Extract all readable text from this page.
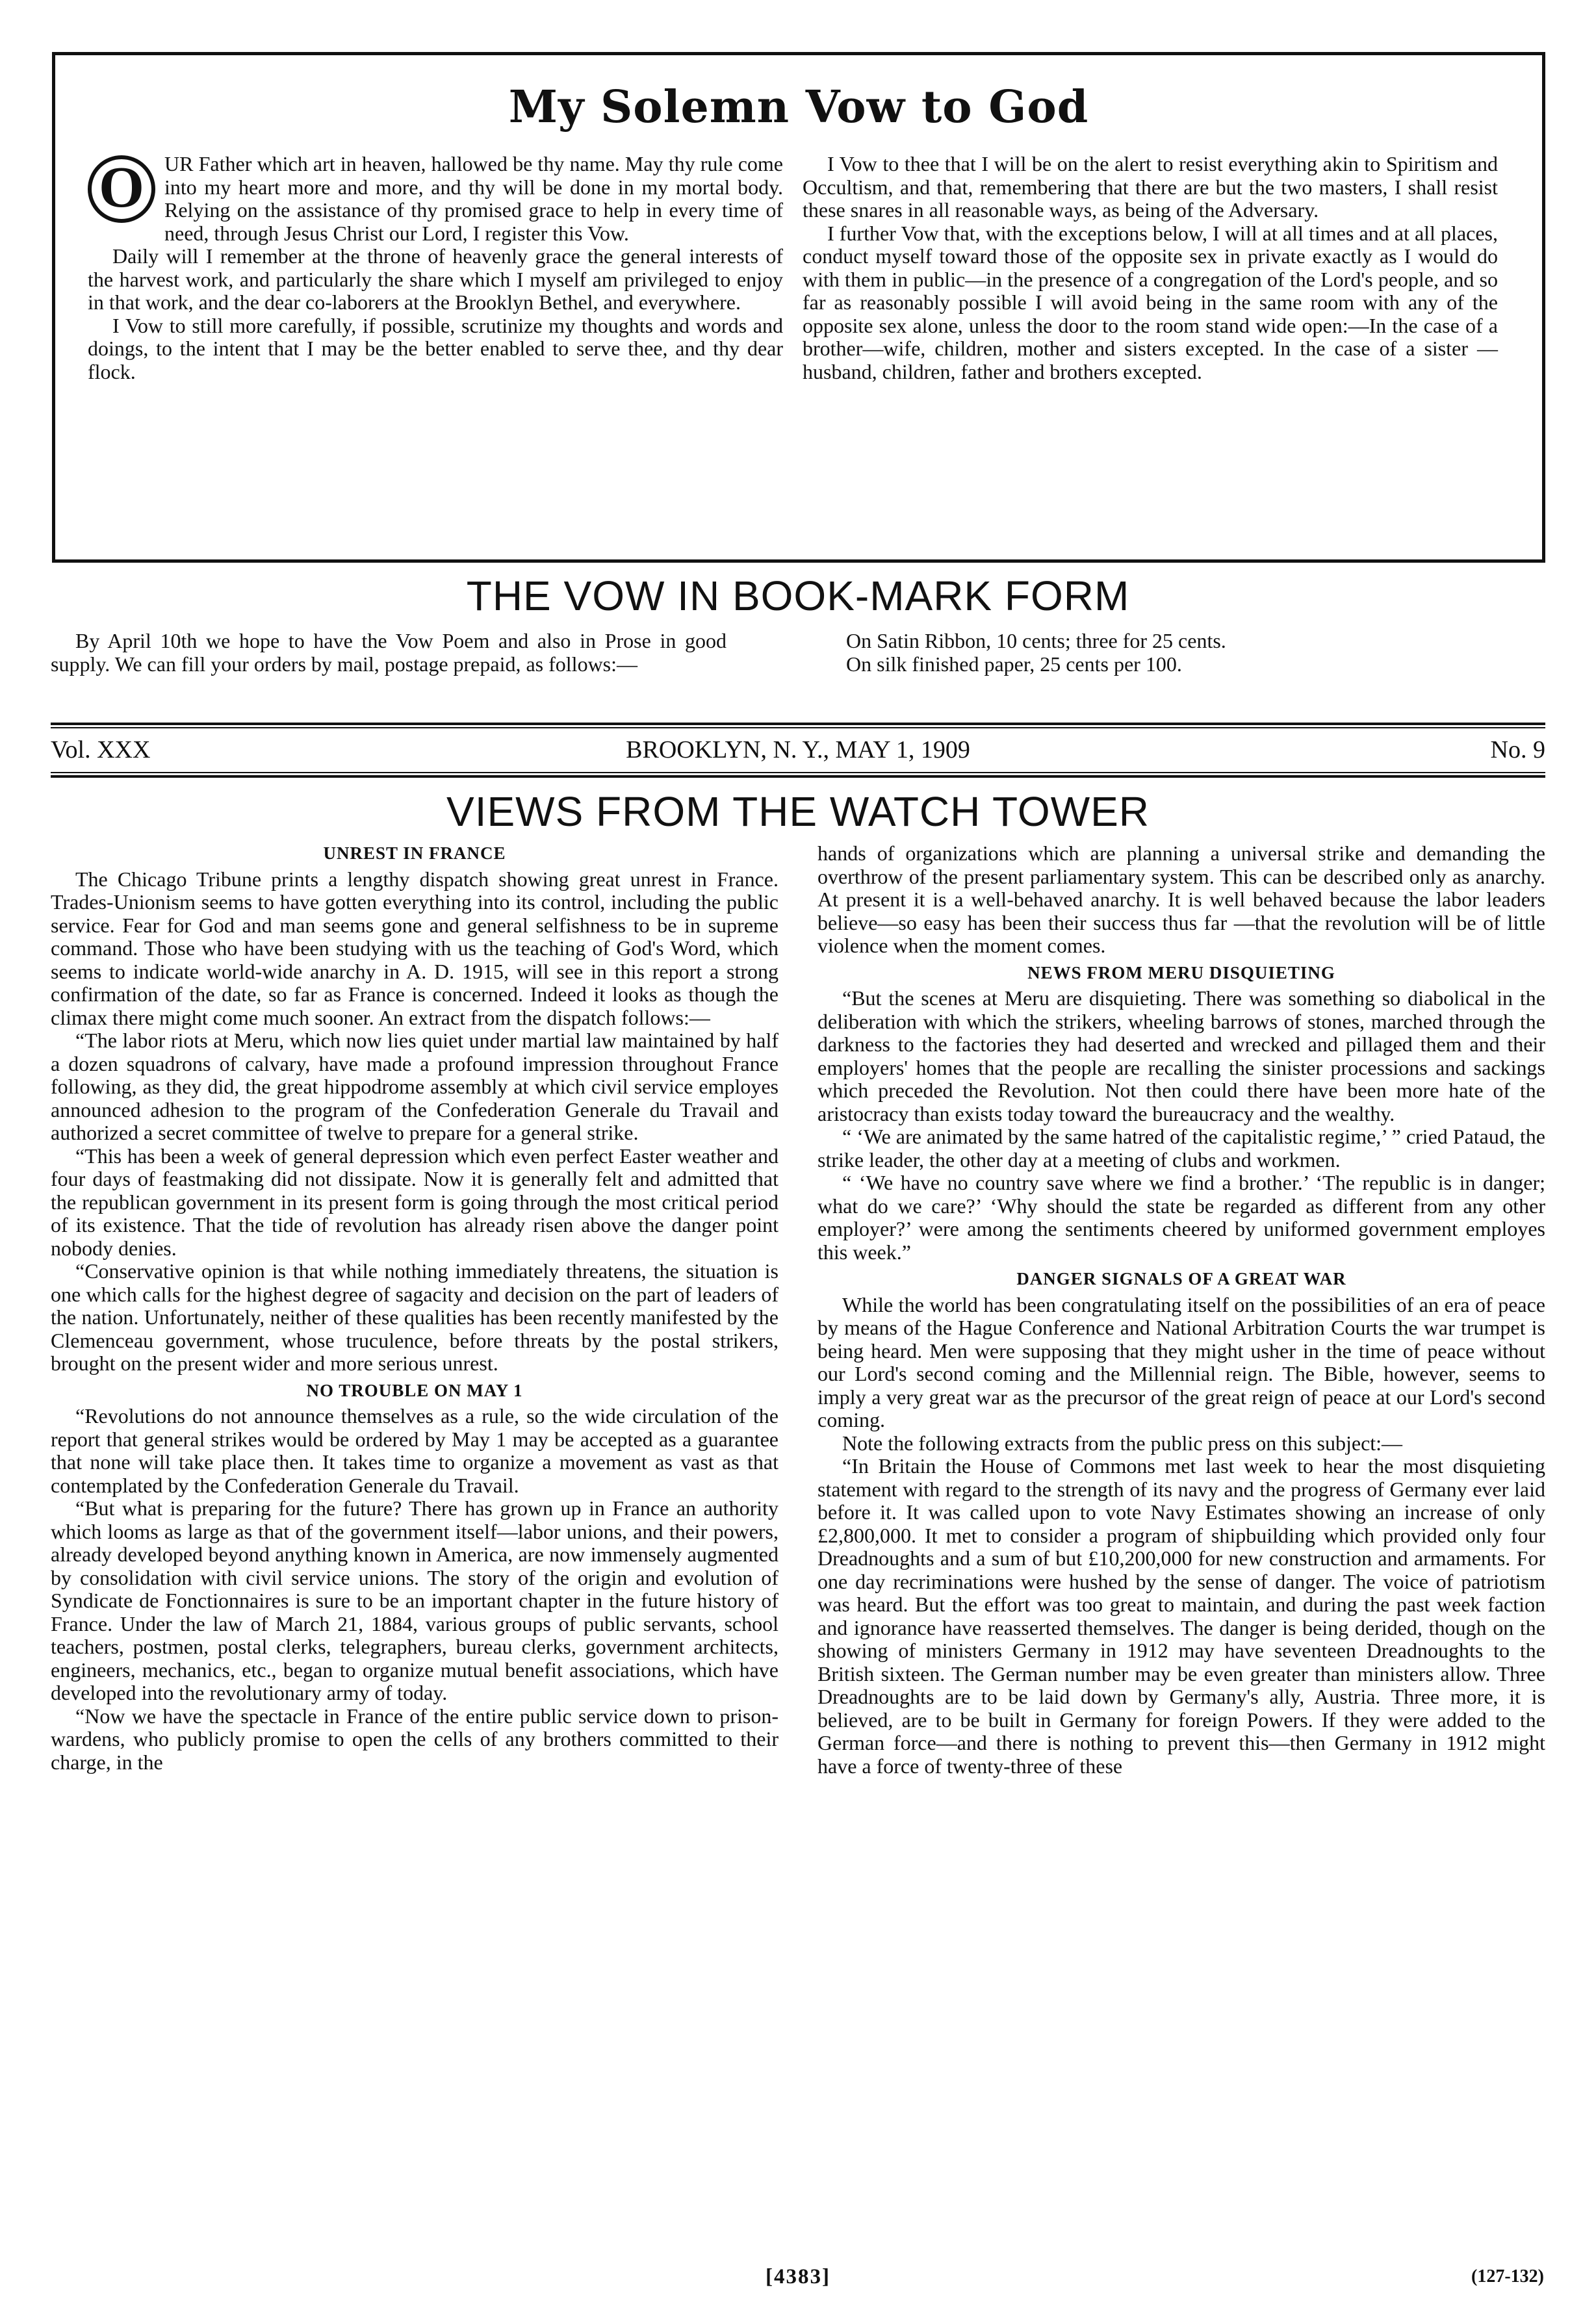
My Solemn Vow to God

O UR Father which art in heaven, hallowed be thy name. May thy rule come into my heart more and more, and thy will be done in my mortal body. Relying on the assistance of thy promised grace to help in every time of need, through Jesus Christ our Lord, I register this Vow.

Daily will I remember at the throne of heavenly grace the general interests of the harvest work, and particularly the share which I myself am privileged to enjoy in that work, and the dear co-laborers at the Brooklyn Bethel, and everywhere.

I Vow to still more carefully, if possible, scrutinize my thoughts and words and doings, to the intent that I may be the better enabled to serve thee, and thy dear flock.

I Vow to thee that I will be on the alert to resist everything akin to Spiritism and Occultism, and that, remembering that there are but the two masters, I shall resist these snares in all reasonable ways, as being of the Adversary.

I further Vow that, with the exceptions below, I will at all times and at all places, conduct myself toward those of the opposite sex in private exactly as I would do with them in public—in the presence of a congregation of the Lord's people, and so far as reasonably possible I will avoid being in the same room with any of the opposite sex alone, unless the door to the room stand wide open:—In the case of a brother—wife, children, mother and sisters excepted. In the case of a sister —husband, children, father and brothers excepted.

THE VOW IN BOOK-MARK FORM

By April 10th we hope to have the Vow Poem and also in Prose in good supply. We can fill your orders by mail, postage prepaid, as follows:—

On Satin Ribbon, 10 cents; three for 25 cents.

On silk finished paper, 25 cents per 100.

Vol. XXX	BROOKLYN, N. Y., MAY 1, 1909	No. 9
VIEWS FROM THE WATCH TOWER
UNREST IN FRANCE

The Chicago Tribune prints a lengthy dispatch showing great unrest in France. Trades-Unionism seems to have gotten everything into its control, including the public service. Fear for God and man seems gone and general selfishness to be in supreme command. Those who have been studying with us the teaching of God's Word, which seems to indicate world-wide anarchy in A. D. 1915, will see in this report a strong confirmation of the date, so far as France is concerned. Indeed it looks as though the climax there might come much sooner. An extract from the dispatch follows:—

“The labor riots at Meru, which now lies quiet under martial law maintained by half a dozen squadrons of calvary, have made a profound impression throughout France following, as they did, the great hippodrome assembly at which civil service employes announced adhesion to the program of the Confederation Generale du Travail and authorized a secret committee of twelve to prepare for a general strike.

“This has been a week of general depression which even perfect Easter weather and four days of feastmaking did not dissipate. Now it is generally felt and admitted that the republican government in its present form is going through the most critical period of its existence. That the tide of revolution has already risen above the danger point nobody denies.

“Conservative opinion is that while nothing immediately threatens, the situation is one which calls for the highest degree of sagacity and decision on the part of leaders of the nation. Unfortunately, neither of these qualities has been recently manifested by the Clemenceau government, whose truculence, before threats by the postal strikers, brought on the present wider and more serious unrest.

NO TROUBLE ON MAY 1

“Revolutions do not announce themselves as a rule, so the wide circulation of the report that general strikes would be ordered by May 1 may be accepted as a guarantee that none will take place then. It takes time to organize a movement as vast as that contemplated by the Confederation Generale du Travail.

“But what is preparing for the future? There has grown up in France an authority which looms as large as that of the government itself—labor unions, and their powers, already developed beyond anything known in America, are now immensely augmented by consolidation with civil service unions. The story of the origin and evolution of Syndicate de Fonctionnaires is sure to be an important chapter in the future history of France. Under the law of March 21, 1884, various groups of public servants, school teachers, postmen, postal clerks, telegraphers, bureau clerks, government architects, engineers, mechanics, etc., began to organize mutual benefit associations, which have developed into the revolutionary army of today.

“Now we have the spectacle in France of the entire public service down to prison-wardens, who publicly promise to open the cells of any brothers committed to their charge, in the

hands of organizations which are planning a universal strike and demanding the overthrow of the present parliamentary system. This can be described only as anarchy. At present it is a well-behaved anarchy. It is well behaved because the labor leaders believe—so easy has been their success thus far —that the revolution will be of little violence when the moment comes.

NEWS FROM MERU DISQUIETING

“But the scenes at Meru are disquieting. There was something so diabolical in the deliberation with which the strikers, wheeling barrows of stones, marched through the darkness to the factories they had deserted and wrecked and pillaged them and their employers' homes that the people are recalling the sinister processions and sackings which preceded the Revolution. Not then could there have been more hate of the aristocracy than exists today toward the bureaucracy and the wealthy.

“ ‘We are animated by the same hatred of the capitalistic regime,’ ” cried Pataud, the strike leader, the other day at a meeting of clubs and workmen.

“ ‘We have no country save where we find a brother.’ ‘The republic is in danger; what do we care?’ ‘Why should the state be regarded as different from any other employer?’ were among the sentiments cheered by uniformed government employes this week.”

DANGER SIGNALS OF A GREAT WAR

While the world has been congratulating itself on the possibilities of an era of peace by means of the Hague Conference and National Arbitration Courts the war trumpet is being heard. Men were supposing that they might usher in the time of peace without our Lord's second coming and the Millennial reign. The Bible, however, seems to imply a very great war as the precursor of the great reign of peace at our Lord's second coming.

Note the following extracts from the public press on this subject:—

“In Britain the House of Commons met last week to hear the most disquieting statement with regard to the strength of its navy and the progress of Germany ever laid before it. It was called upon to vote Navy Estimates showing an increase of only £2,800,000. It met to consider a program of shipbuilding which provided only four Dreadnoughts and a sum of but £10,200,000 for new construction and armaments. For one day recriminations were hushed by the sense of danger. The voice of patriotism was heard. But the effort was too great to maintain, and during the past week faction and ignorance have reasserted themselves. The danger is being derided, though on the showing of ministers Germany in 1912 may have seventeen Dreadnoughts to the British sixteen. The German number may be even greater than ministers allow. Three Dreadnoughts are to be laid down by Germany's ally, Austria. Three more, it is believed, are to be built in Germany for foreign Powers. If they were added to the German force—and there is nothing to prevent this—then Germany in 1912 might have a force of twenty-three of these

[4383]	(127-132)
